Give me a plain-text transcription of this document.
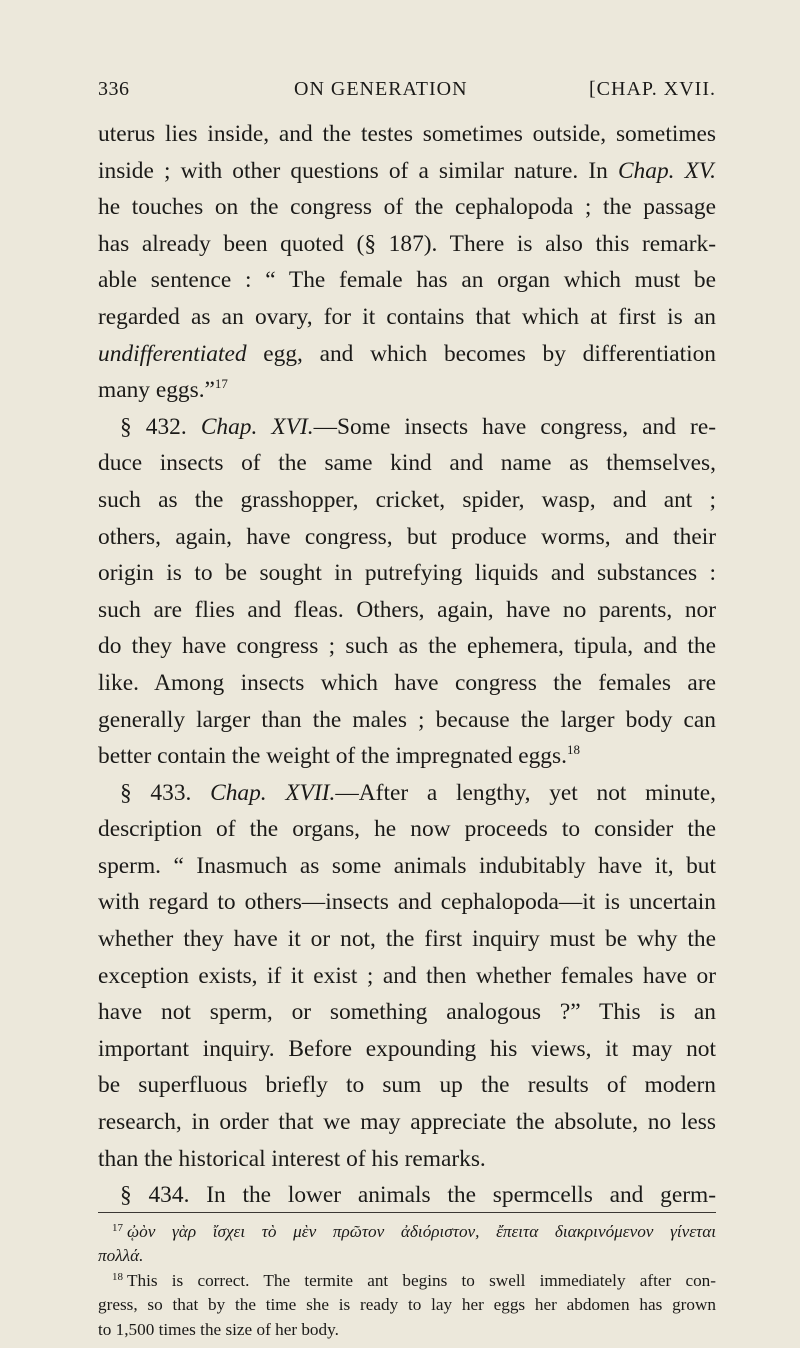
336	ON GENERATION	[CHAP. XVII.
uterus lies inside, and the testes sometimes outside, sometimes
inside ; with other questions of a similar nature. In Chap. XV.
he touches on the congress of the cephalopoda ; the passage
has already been quoted (§ 187). There is also this remark-
able sentence : “ The female has an organ which must be
regarded as an ovary, for it contains that which at first is an
undifferentiated egg, and which becomes by differentiation
many eggs.”$^{17}$
§ 432. Chap. XVI.—Some insects have congress, and re-
duce insects of the same kind and name as themselves,
such as the grasshopper, cricket, spider, wasp, and ant ;
others, again, have congress, but produce worms, and their
origin is to be sought in putrefying liquids and substances :
such are flies and fleas. Others, again, have no parents, nor
do they have congress ; such as the ephemera, tipula, and the
like. Among insects which have congress the females are
generally larger than the males ; because the larger body can
better contain the weight of the impregnated eggs.$^{18}$
§ 433. Chap. XVII.—After a lengthy, yet not minute,
description of the organs, he now proceeds to consider the
sperm. “ Inasmuch as some animals indubitably have it, but
with regard to others—insects and cephalopoda—it is uncertain
whether they have it or not, the first inquiry must be why the
exception exists, if it exist ; and then whether females have or
have not sperm, or something analogous ?” This is an
important inquiry. Before expounding his views, it may not
be superfluous briefly to sum up the results of modern
research, in order that we may appreciate the absolute, no less
than the historical interest of his remarks.
§ 434. In the lower animals the spermcells and germ-
$^{17}$ ᾠὸν γὰρ ἴσχει τὸ μὲν πρῶτον ἀδιόριστον, ἔπειτα διακρινόμενον γίνεται
πολλά.
$^{18}$ This is correct. The termite ant begins to swell immediately after con-
gress, so that by the time she is ready to lay her eggs her abdomen has grown
to 1,500 times the size of her body.
